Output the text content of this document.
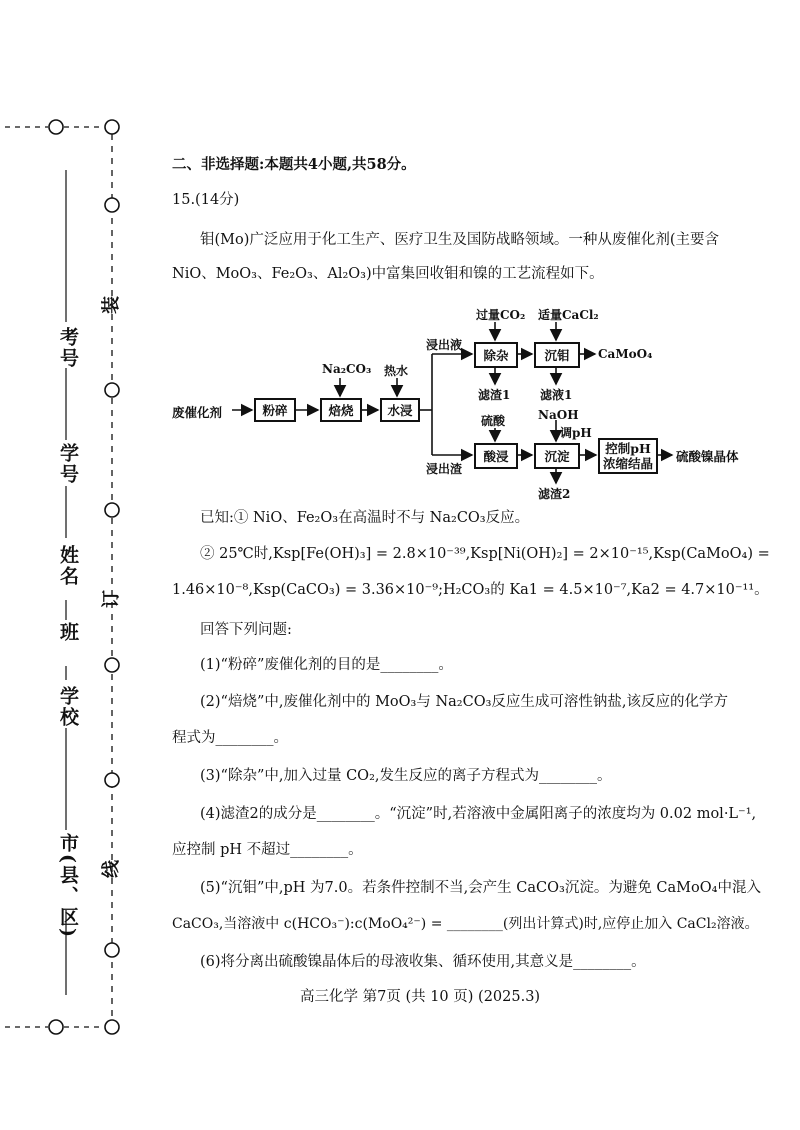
考号
学号
姓名
班
学校
市(县、区)
装
订
线
二、非选择题:本题共4小题,共58分。
15.(14分)
钼(Mo)广泛应用于化工生产、医疗卫生及国防战略领域。一种从废催化剂(主要含
NiO、MoO₃、Fe₂O₃、Al₂O₃)中富集回收钼和镍的工艺流程如下。
废催化剂	粉碎	焙烧	水浸
除杂	沉钼
酸浸	沉淀	控制pH
浓缩结晶
Na₂CO₃ 热水
浸出液
浸出渣
过量CO₂ 适量CaCl₂
CaMoO₄
滤渣1 滤液1
硫酸	NaOH
调pH
滤渣2
硫酸镍晶体
已知:① NiO、Fe₂O₃在高温时不与 Na₂CO₃反应。
② 25℃时,Ksp[Fe(OH)₃] = 2.8×10⁻³⁹,Ksp[Ni(OH)₂] = 2×10⁻¹⁵,Ksp(CaMoO₄) =
1.46×10⁻⁸,Ksp(CaCO₃) = 3.36×10⁻⁹;H₂CO₃的 Ka1 = 4.5×10⁻⁷,Ka2 = 4.7×10⁻¹¹。
回答下列问题:
(1)“粉碎”废催化剂的目的是________。
(2)“焙烧”中,废催化剂中的 MoO₃与 Na₂CO₃反应生成可溶性钠盐,该反应的化学方
程式为________。
(3)“除杂”中,加入过量 CO₂,发生反应的离子方程式为________。
(4)滤渣2的成分是________。“沉淀”时,若溶液中金属阳离子的浓度均为 0.02 mol·L⁻¹,
应控制 pH 不超过________。
(5)“沉钼”中,pH 为7.0。若条件控制不当,会产生 CaCO₃沉淀。为避免 CaMoO₄中混入
CaCO₃,当溶液中 c(HCO₃⁻):c(MoO₄²⁻) = ________(列出计算式)时,应停止加入 CaCl₂溶液。
(6)将分离出硫酸镍晶体后的母液收集、循环使用,其意义是________。
高三化学 第7页 (共 10 页) (2025.3)
